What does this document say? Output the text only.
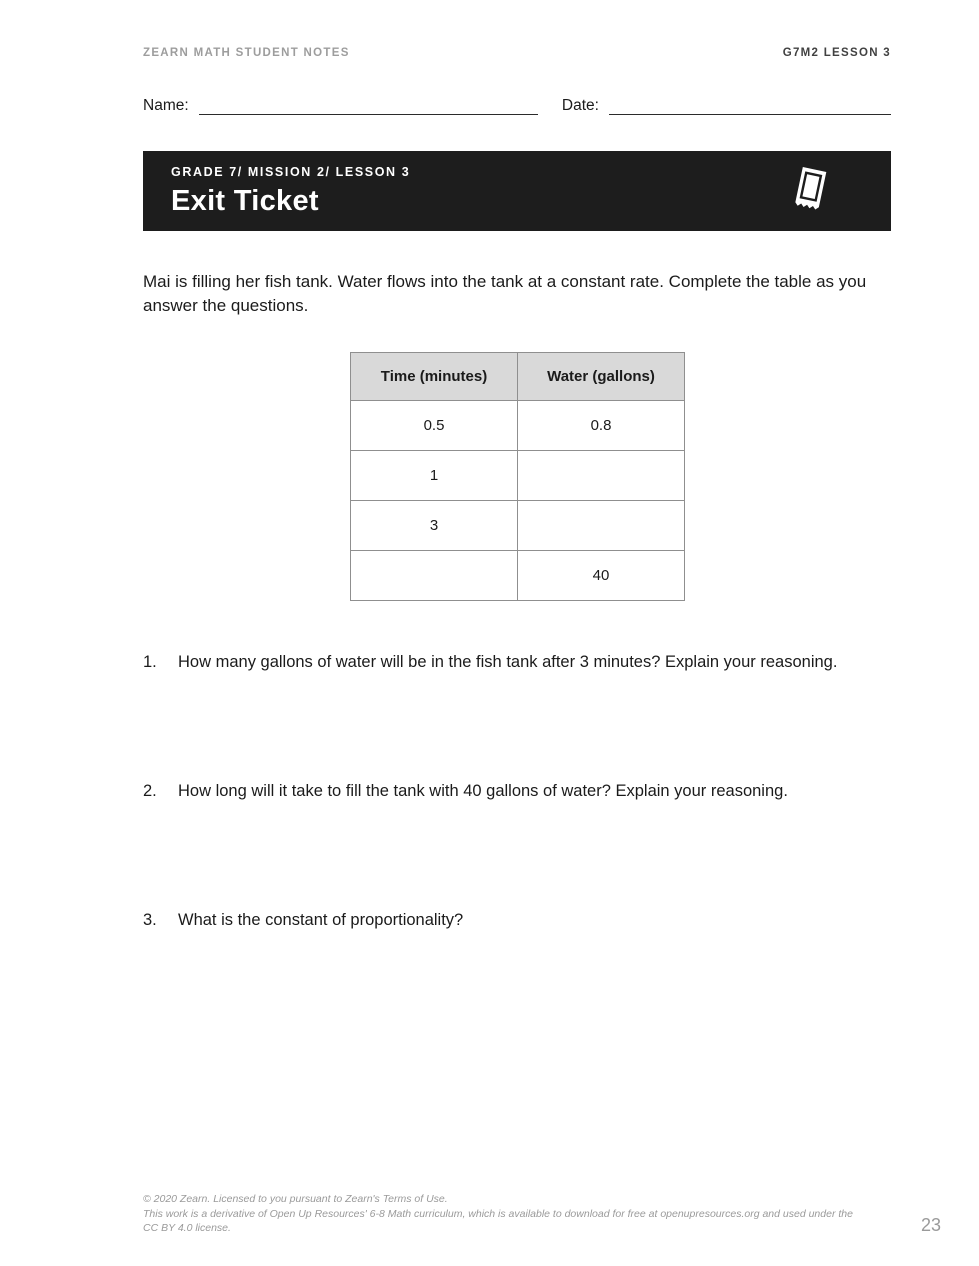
ZEARN MATH STUDENT NOTES	G7M2 LESSON 3
Name:	Date:
GRADE 7/ MISSION 2/ LESSON 3
Exit Ticket

Mai is filling her fish tank. Water flows into the tank at a constant rate. Complete the table as you answer the questions.

Time (minutes)	Water (gallons)
0.5	0.8
1	
3	
	40
1.	How many gallons of water will be in the fish tank after 3 minutes? Explain your reasoning.
2.	How long will it take to fill the tank with 40 gallons of water? Explain your reasoning.
3.	What is the constant of proportionality?
© 2020 Zearn. Licensed to you pursuant to Zearn's Terms of Use.
This work is a derivative of Open Up Resources' 6-8 Math curriculum, which is available to download for free at openupresources.org and used under the CC BY 4.0 license.	23
